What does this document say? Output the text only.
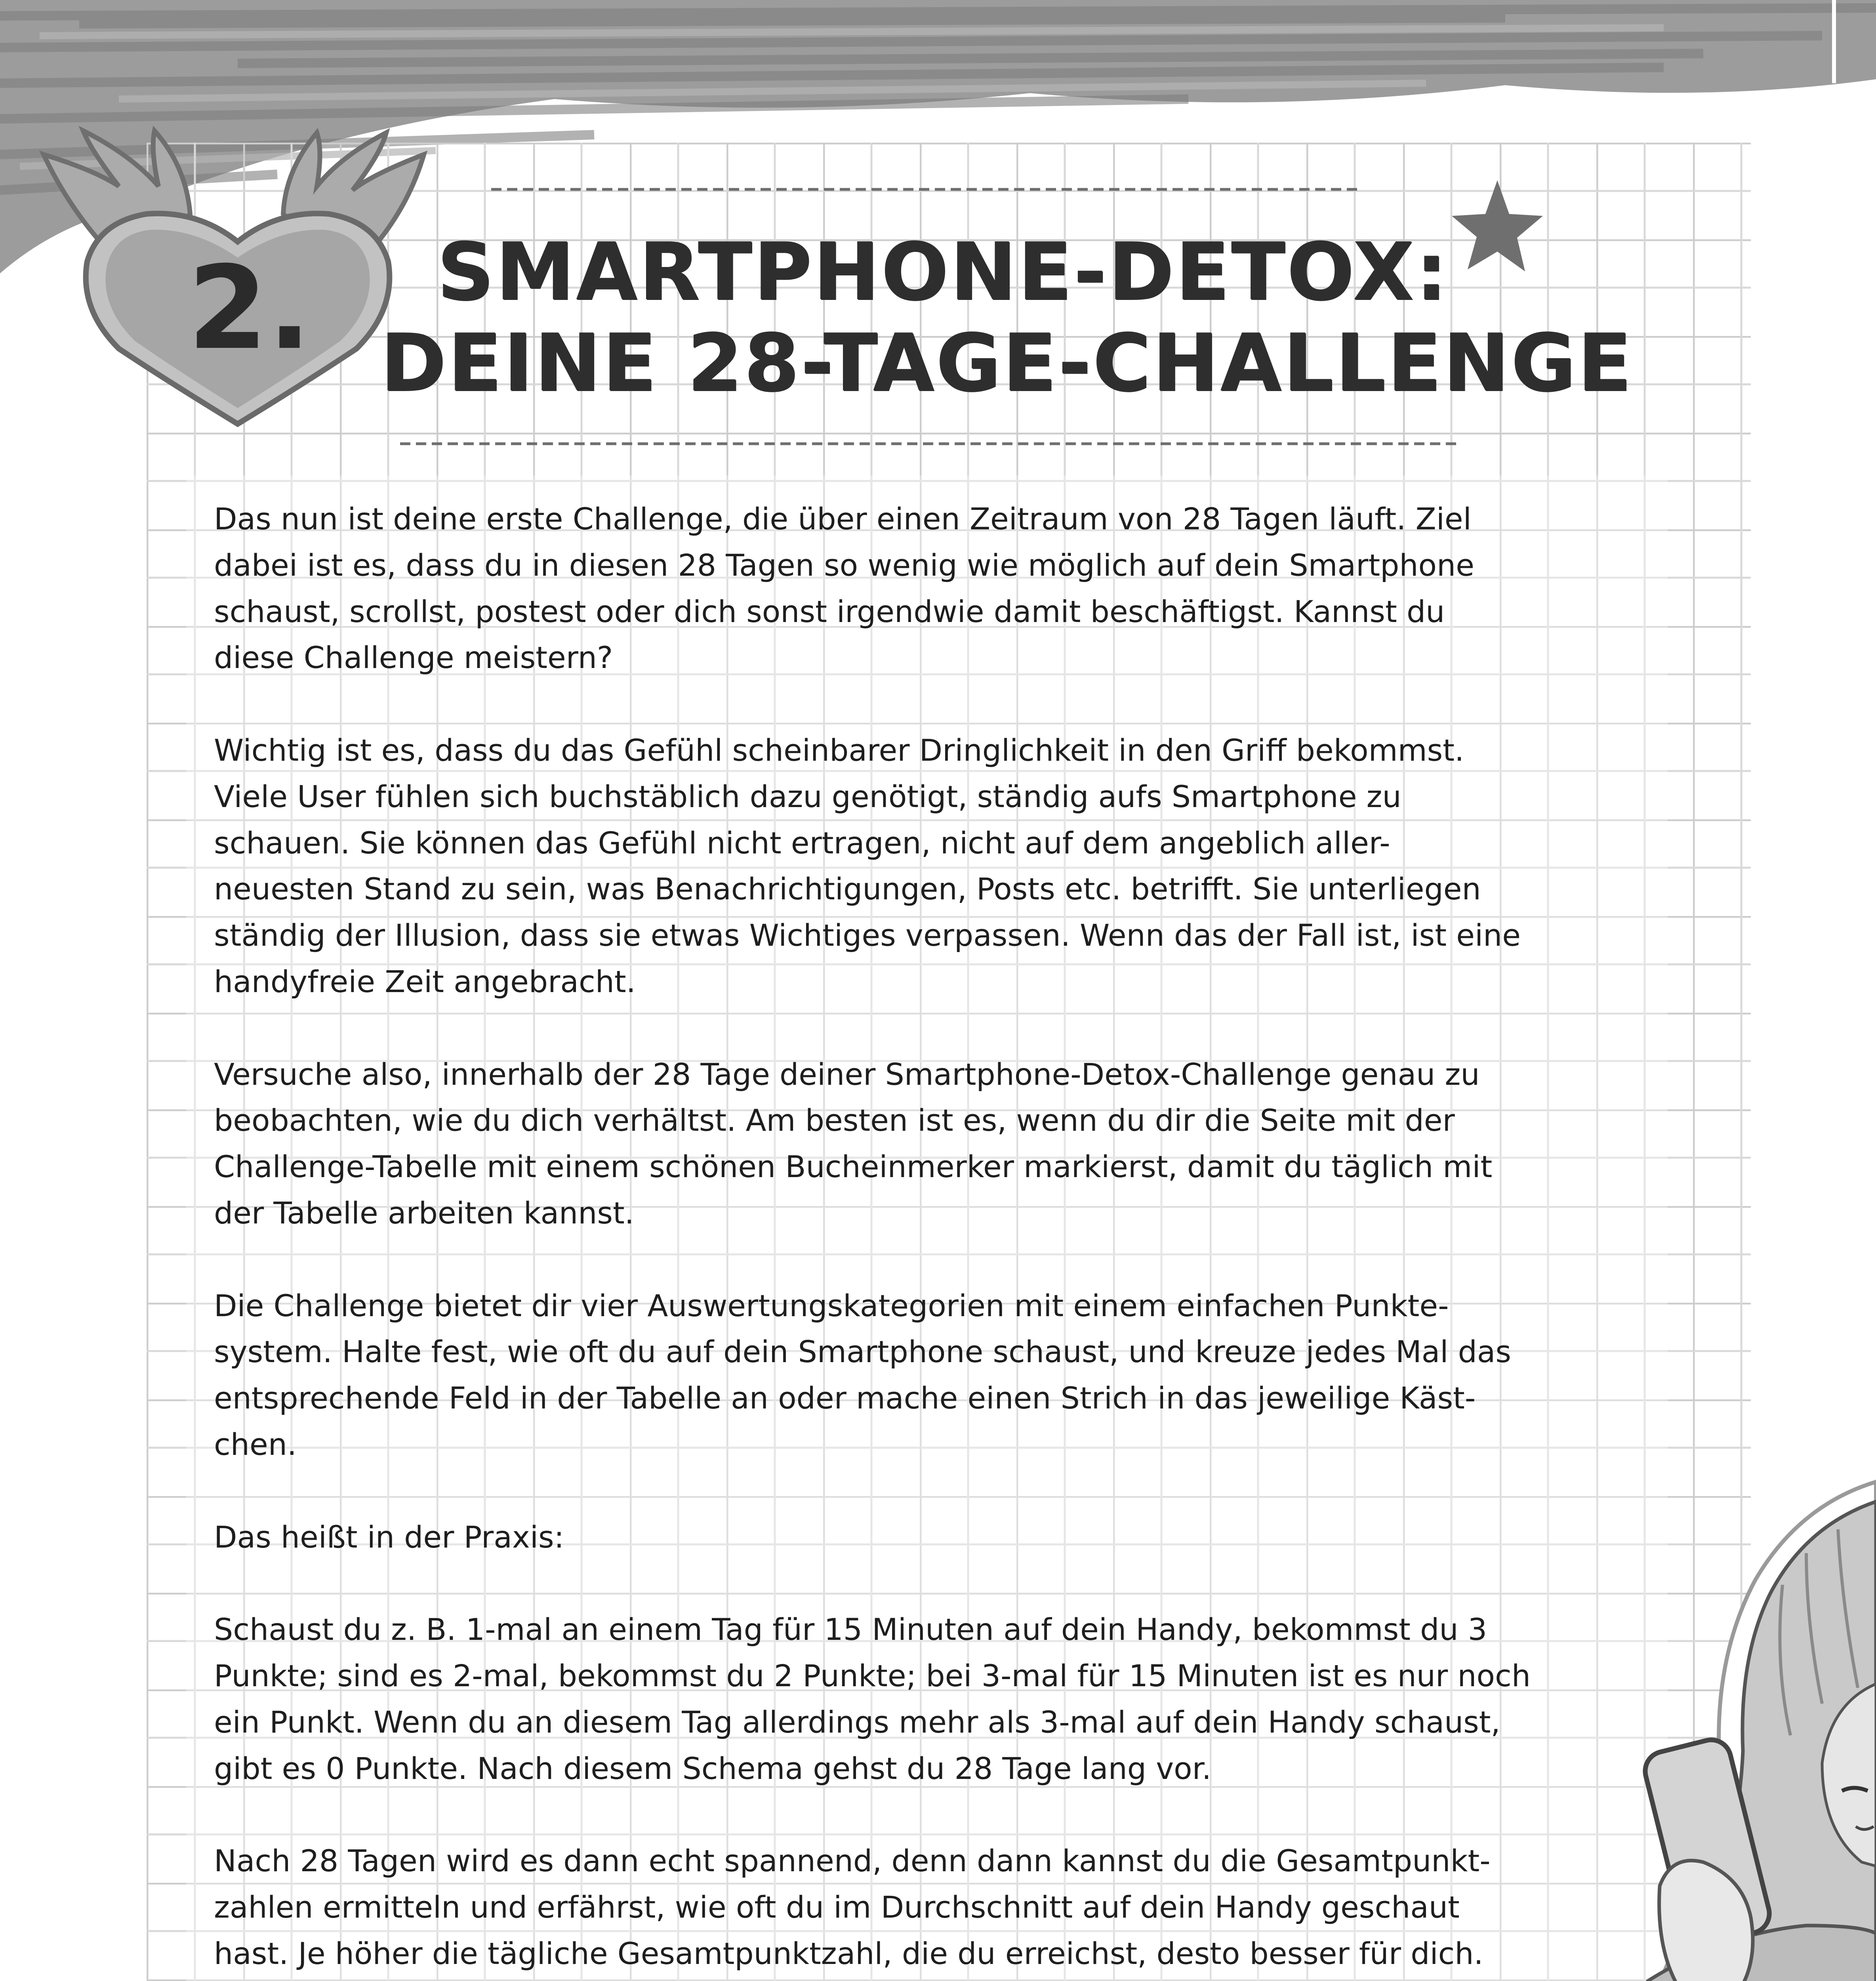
2.	SMARTPHONE-DETOX:
DEINE 28-TAGE-CHALLENGE

Das nun ist deine erste Challenge, die über einen Zeitraum von 28 Tagen läuft. Ziel
dabei ist es, dass du in diesen 28 Tagen so wenig wie möglich auf dein Smartphone
schaust, scrollst, postest oder dich sonst irgendwie damit beschäftigst. Kannst du
diese Challenge meistern?

Wichtig ist es, dass du das Gefühl scheinbarer Dringlichkeit in den Griff bekommst.
Viele User fühlen sich buchstäblich dazu genötigt, ständig aufs Smartphone zu
schauen. Sie können das Gefühl nicht ertragen, nicht auf dem angeblich aller-
neuesten Stand zu sein, was Benachrichtigungen, Posts etc. betrifft. Sie unterliegen
ständig der Illusion, dass sie etwas Wichtiges verpassen. Wenn das der Fall ist, ist eine
handyfreie Zeit angebracht.

Versuche also, innerhalb der 28 Tage deiner Smartphone-Detox-Challenge genau zu
beobachten, wie du dich verhältst. Am besten ist es, wenn du dir die Seite mit der
Challenge-Tabelle mit einem schönen Bucheinmerker markierst, damit du täglich mit
der Tabelle arbeiten kannst.

Die Challenge bietet dir vier Auswertungskategorien mit einem einfachen Punkte-
system. Halte fest, wie oft du auf dein Smartphone schaust, und kreuze jedes Mal das
entsprechende Feld in der Tabelle an oder mache einen Strich in das jeweilige Käst-
chen.

Das heißt in der Praxis:

Schaust du z. B. 1-mal an einem Tag für 15 Minuten auf dein Handy, bekommst du 3
Punkte; sind es 2-mal, bekommst du 2 Punkte; bei 3-mal für 15 Minuten ist es nur noch
ein Punkt. Wenn du an diesem Tag allerdings mehr als 3-mal auf dein Handy schaust,
gibt es 0 Punkte. Nach diesem Schema gehst du 28 Tage lang vor.

Nach 28 Tagen wird es dann echt spannend, denn dann kannst du die Gesamtpunkt-
zahlen ermitteln und erfährst, wie oft du im Durchschnitt auf dein Handy geschaut
hast. Je höher die tägliche Gesamtpunktzahl, die du erreichst, desto besser für dich.
